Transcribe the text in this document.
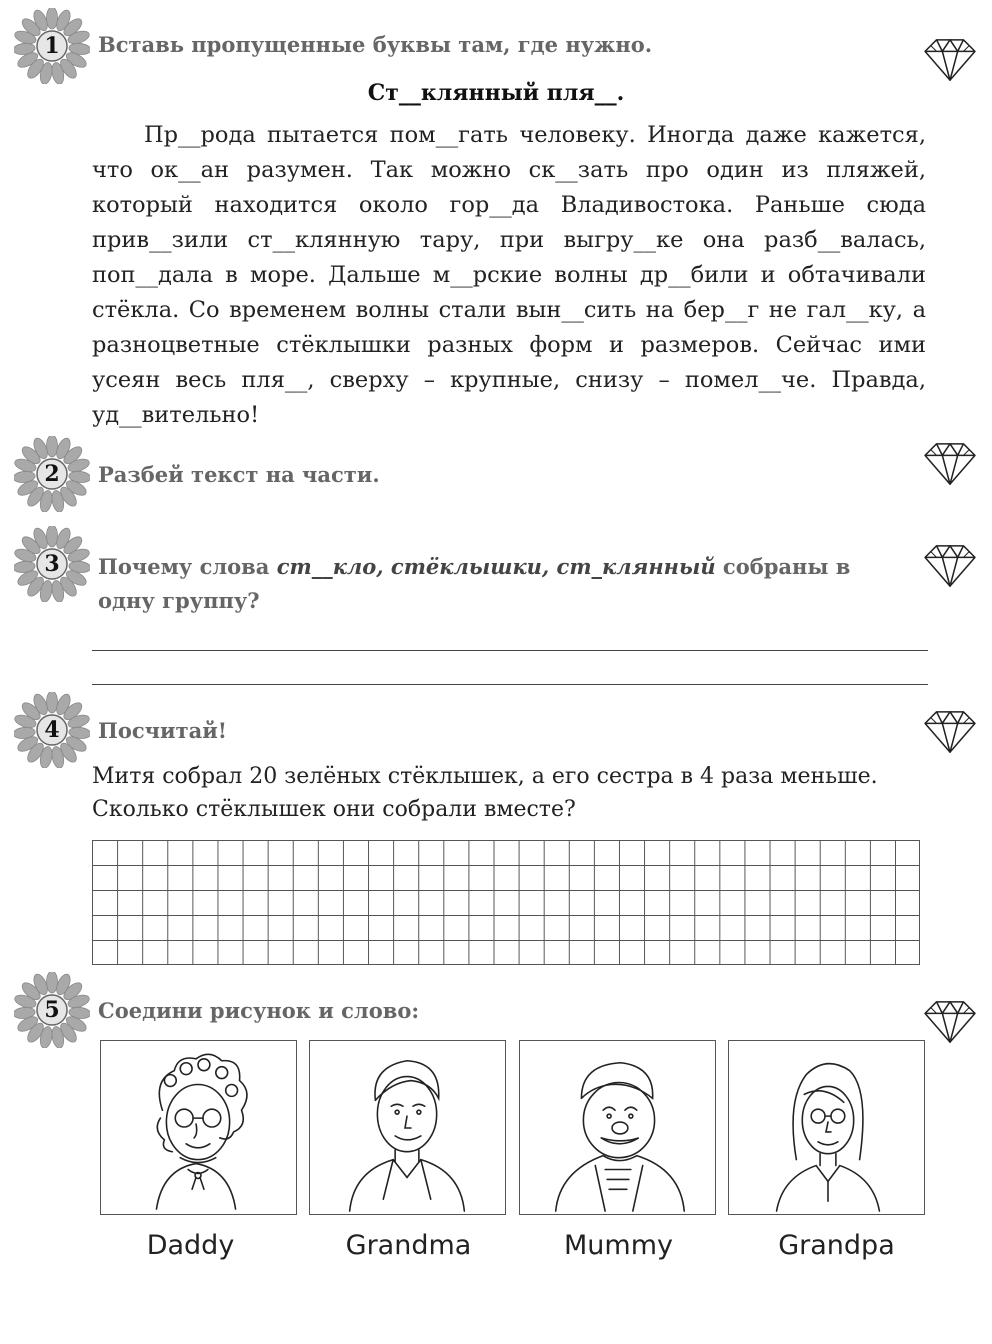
1	Вставь пропущенные буквы там, где нужно.
Ст__клянный пля__.

Пр__рода пытается пом__гать человеку. Иногда даже кажется, что ок__ан разумен. Так можно ск__зать про один из пляжей, который находится около гор__да Владивостока. Раньше сюда прив__зили ст__клянную тару, при выгру__ке она разб__валась, поп__дала в море. Дальше м__рские волны др__били и обтачивали стёкла. Со временем волны стали вын__сить на бер__г не гал__ку, а разноцветные стёклышки разных форм и размеров. Сейчас ими усеян весь пля__, сверху – крупные, снизу – помел__че. Правда, уд__вительно!

2	Разбей текст на части.
3	Почему слова ст__кло, стёклышки, ст_клянный собраны в одну группу?
4	Посчитай!
Митя собрал 20 зелёных стёклышек, а его сестра в 4 раза меньше.
Сколько стёклышек они собрали вместе?
5	Соедини рисунок и слово:
Daddy	Grandma	Mummy	Grandpa
